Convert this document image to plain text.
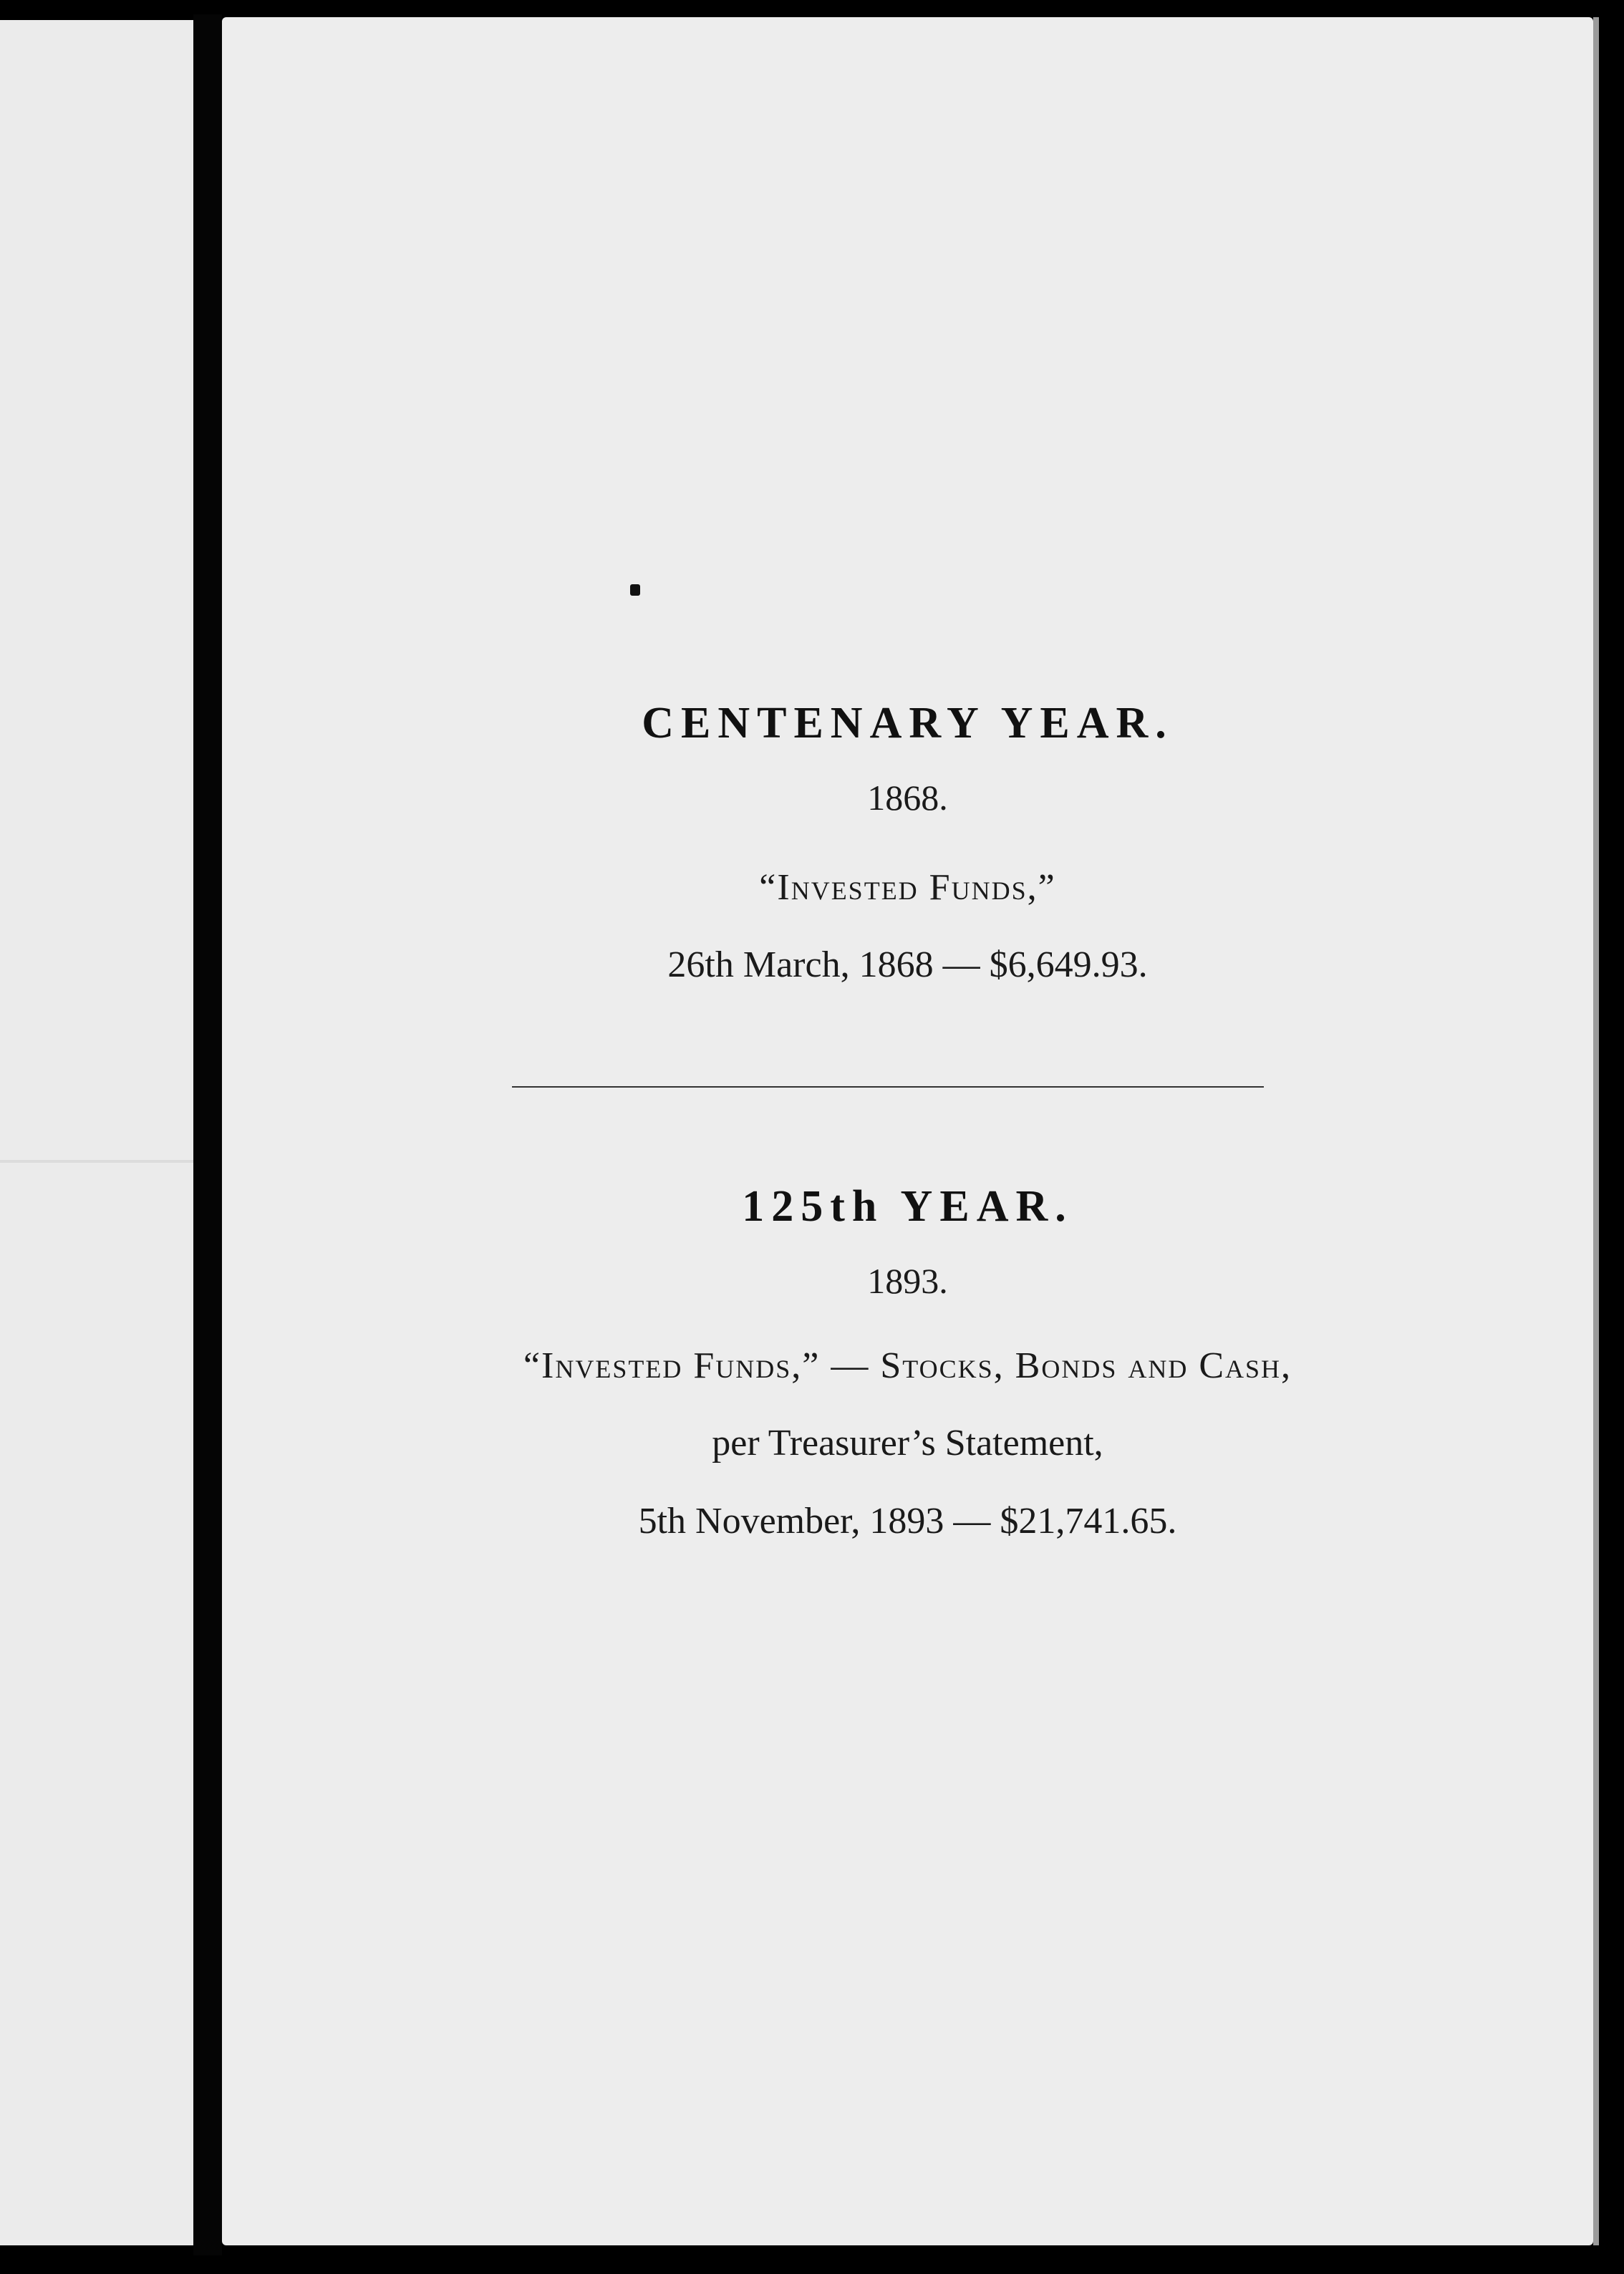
CENTENARY YEAR.
1868.
“Invested Funds,”
26th March, 1868 — $6,649.93.
125th YEAR.
1893.
“Invested Funds,” — Stocks, Bonds and Cash,
per Treasurer’s Statement,
5th November, 1893 — $21,741.65.
